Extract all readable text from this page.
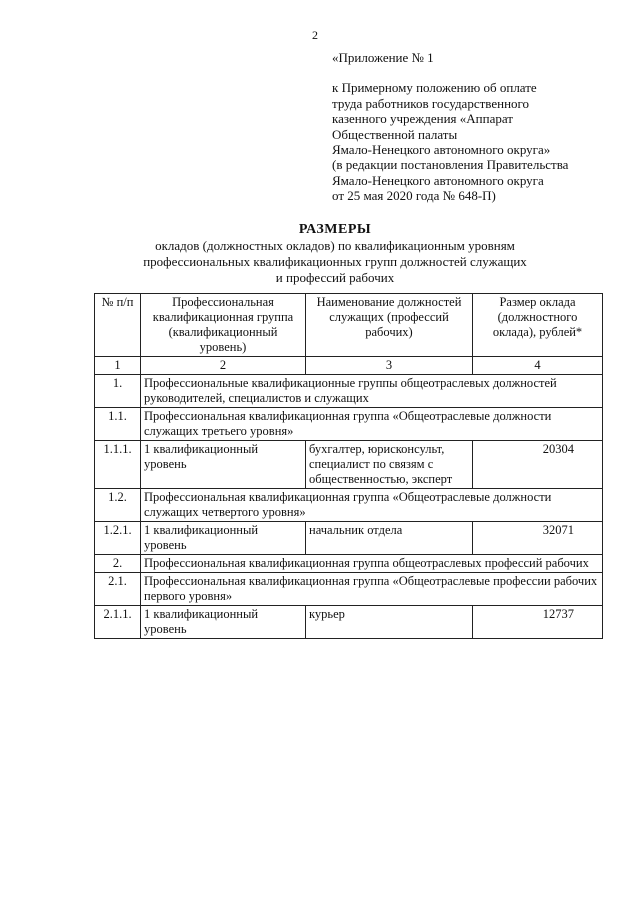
2
«Приложение № 1
к Примерному положению об оплате
труда работников государственного
казенного учреждения «Аппарат
Общественной палаты
Ямало-Ненецкого автономного округа»
(в редакции постановления Правительства
Ямало-Ненецкого автономного округа
от 25 мая 2020 года № 648-П)
РАЗМЕРЫ
окладов (должностных окладов) по квалификационным уровням
профессиональных квалификационных групп должностей служащих
и профессий рабочих
№ п/п	Профессиональная квалификационная группа (квалификационный уровень)	Наименование должностей служащих (профессий рабочих)	Размер оклада (должностного оклада), рублей*
1	2	3	4
1.	Профессиональные квалификационные группы общеотраслевых должностей руководителей, специалистов и служащих		
1.1.	Профессиональная квалификационная группа «Общеотраслевые должности служащих третьего уровня»		
1.1.1.	1 квалификационный уровень	бухгалтер, юрисконсульт, специалист по связям с общественностью, эксперт	20304
1.2.	Профессиональная квалификационная группа «Общеотраслевые должности служащих четвертого уровня»		
1.2.1.	1 квалификационный уровень	начальник отдела	32071
2.	Профессиональная квалификационная группа общеотраслевых профессий рабочих		
2.1.	Профессиональная квалификационная группа «Общеотраслевые профессии рабочих первого уровня»		
2.1.1.	1 квалификационный уровень	курьер	12737
